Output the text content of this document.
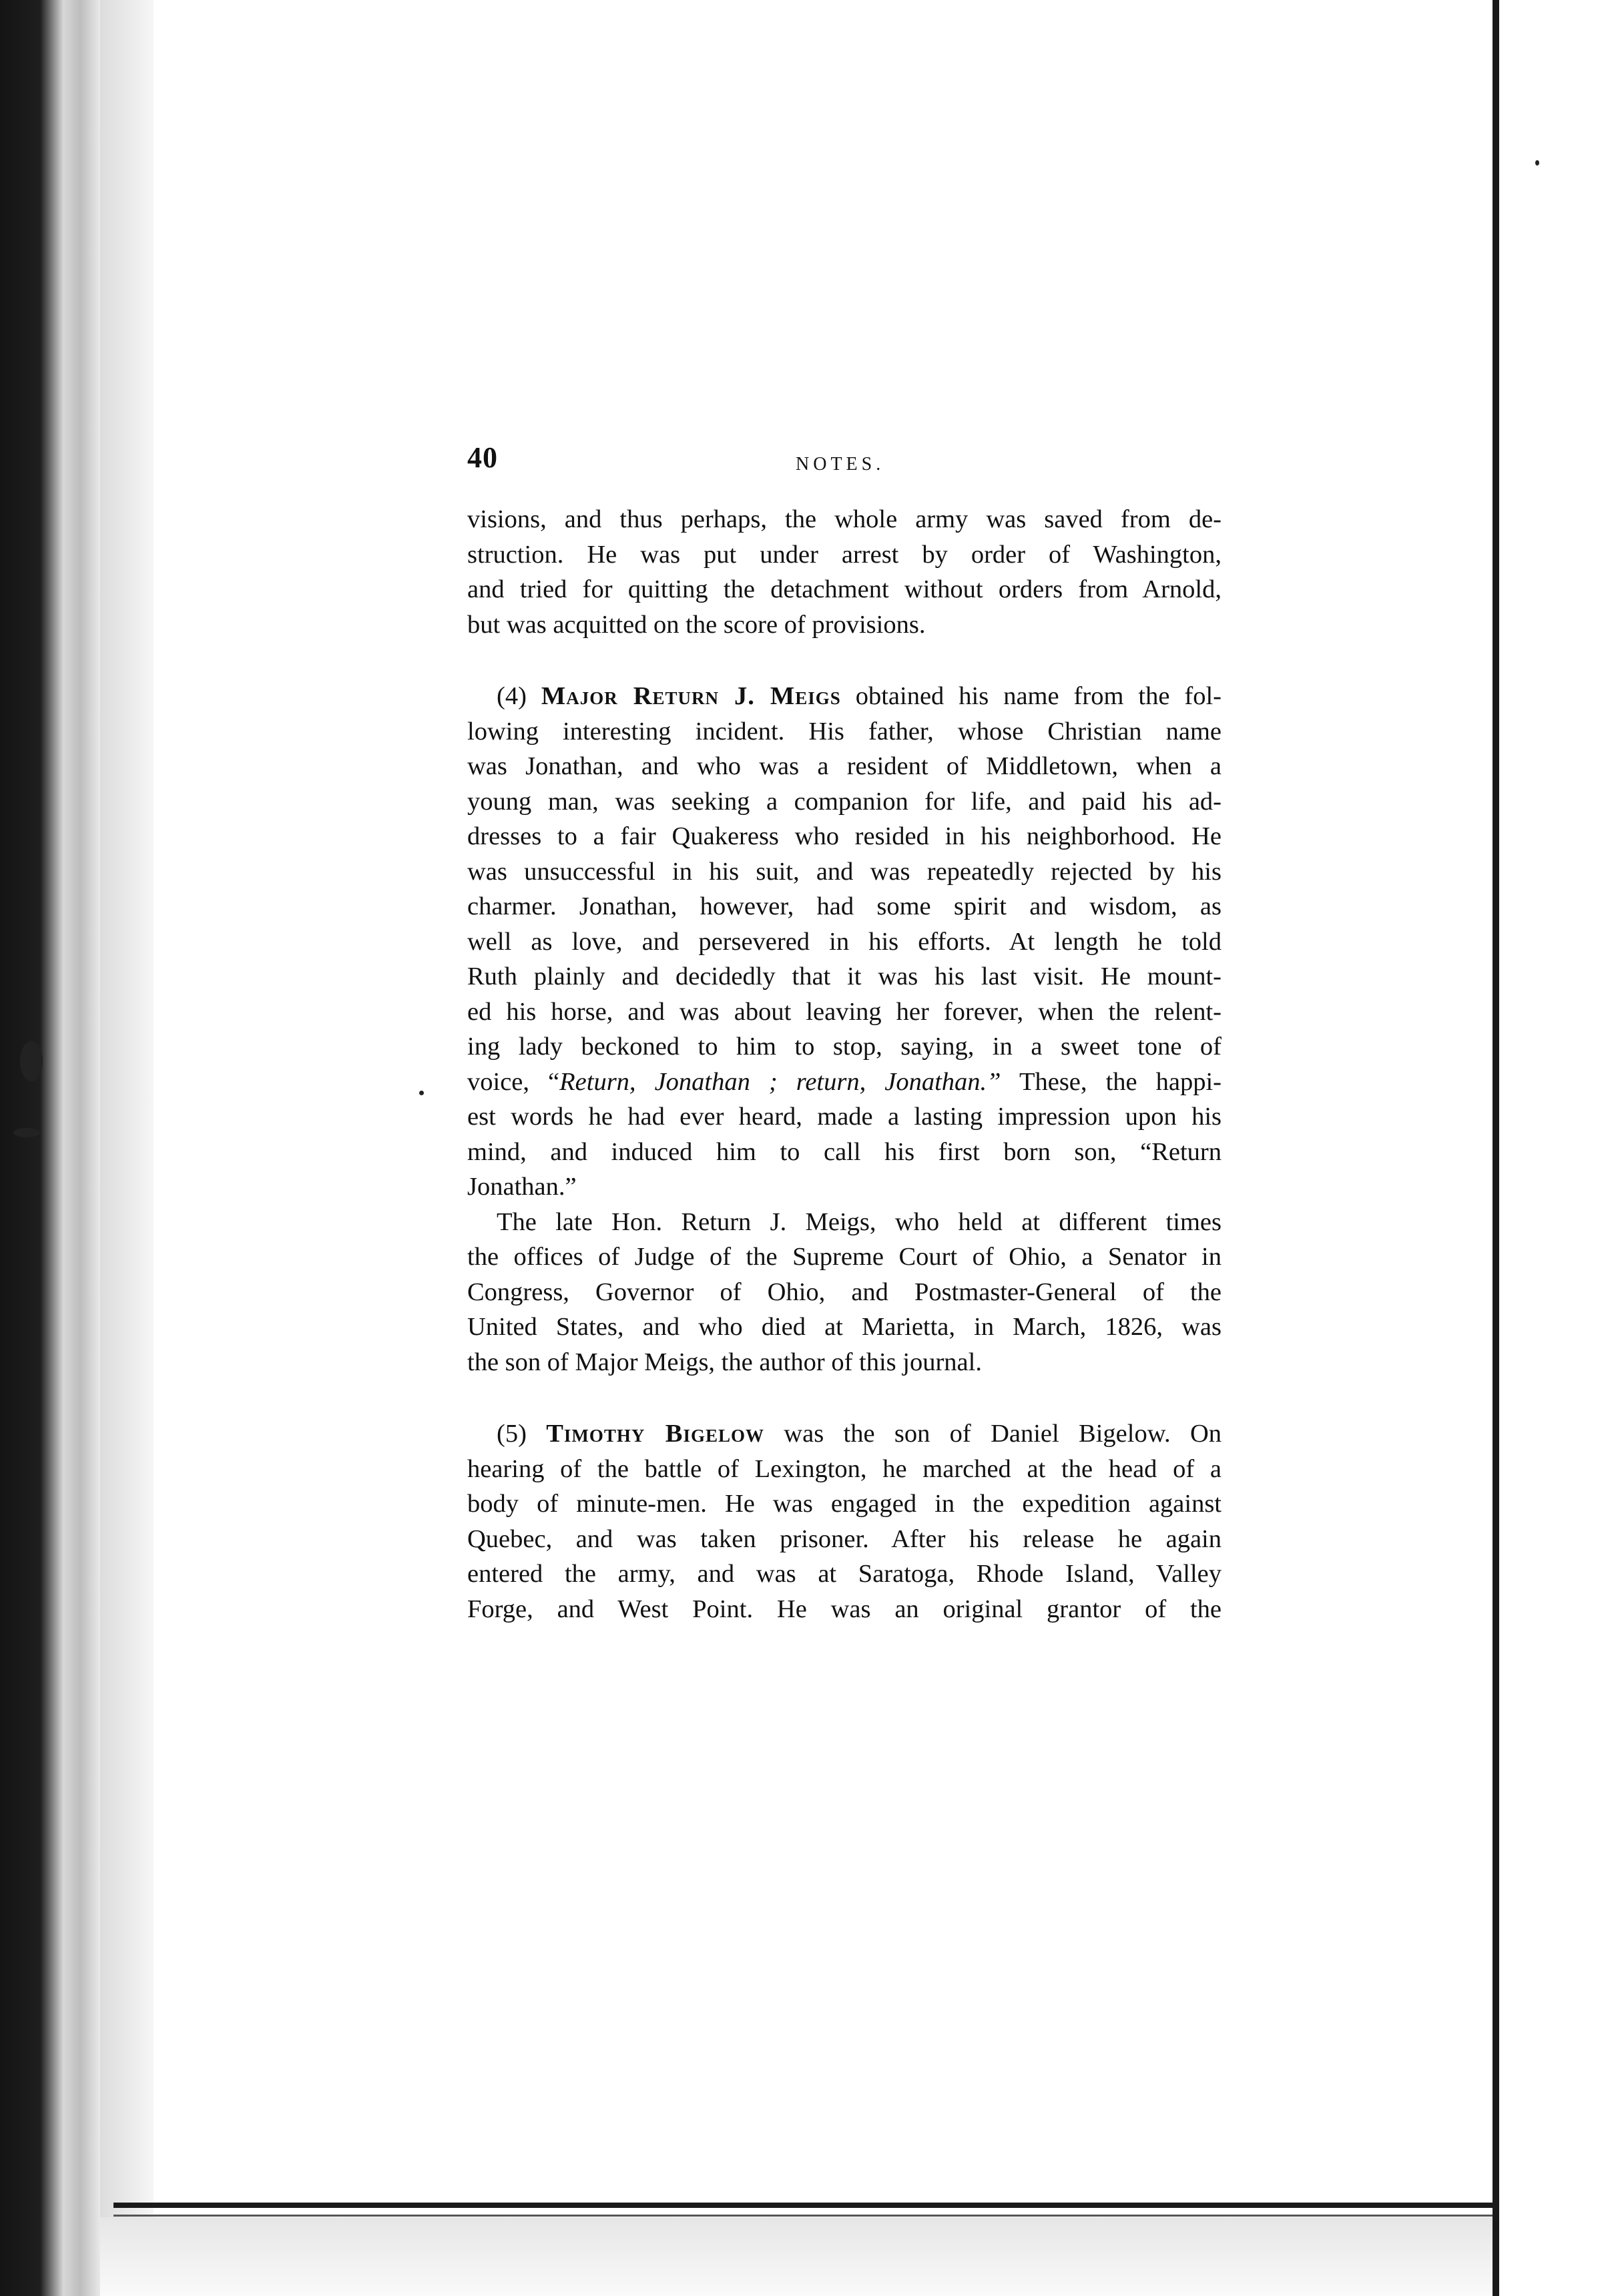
40	NOTES.
visions, and thus perhaps, the whole army was saved from de-
struction. He was put under arrest by order of Washington,
and tried for quitting the detachment without orders from Arnold,
but was acquitted on the score of provisions.
(4) Major Return J. Meigs obtained his name from the fol-
lowing interesting incident. His father, whose Christian name
was Jonathan, and who was a resident of Middletown, when a
young man, was seeking a companion for life, and paid his ad-
dresses to a fair Quakeress who resided in his neighborhood. He
was unsuccessful in his suit, and was repeatedly rejected by his
charmer. Jonathan, however, had some spirit and wisdom, as
well as love, and persevered in his efforts. At length he told
Ruth plainly and decidedly that it was his last visit. He mount-
ed his horse, and was about leaving her forever, when the relent-
ing lady beckoned to him to stop, saying, in a sweet tone of
voice, “Return, Jonathan ; return, Jonathan.” These, the happi-
est words he had ever heard, made a lasting impression upon his
mind, and induced him to call his first born son, “Return
Jonathan.”
The late Hon. Return J. Meigs, who held at different times
the offices of Judge of the Supreme Court of Ohio, a Senator in
Congress, Governor of Ohio, and Postmaster-General of the
United States, and who died at Marietta, in March, 1826, was
the son of Major Meigs, the author of this journal.
(5) Timothy Bigelow was the son of Daniel Bigelow. On
hearing of the battle of Lexington, he marched at the head of a
body of minute-men. He was engaged in the expedition against
Quebec, and was taken prisoner. After his release he again
entered the army, and was at Saratoga, Rhode Island, Valley
Forge, and West Point. He was an original grantor of the
